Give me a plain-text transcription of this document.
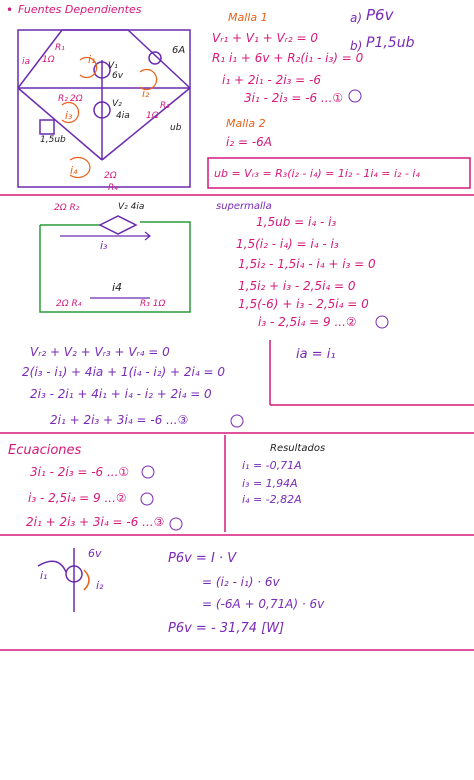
• Fuentes Dependientes
R₁
1Ω
ia	V₁
6v
6A
R₂ 2Ω	V₂
4ia
R₃
1Ω
ub
1,5ub
2Ω
R₄
i₁
i₂
i₃
i₄
a) P6v
b) P1,5ub
Malla 1
Vᵣ₁ + V₁ + Vᵣ₂ = 0
R₁ i₁ + 6v + R₂(i₁ - i₃) = 0
i₁ + 2i₁ - 2i₃ = -6
3i₁ - 2i₃ = -6 ...①
Malla 2
i₂ = -6A
ub = Vᵣ₃ = R₃(i₂ - i₄) = 1i₂ - 1i₄ = i₂ - i₄
2Ω R₂	V₂ 4ia
i₃
i4
2Ω R₄	R₃ 1Ω
supermalla
1,5ub = i₄ - i₃
1,5(i₂ - i₄) = i₄ - i₃
1,5i₂ - 1,5i₄ - i₄ + i₃ = 0
1,5i₂ + i₃ - 2,5i₄ = 0
1,5(-6) + i₃ - 2,5i₄ = 0
i₃ - 2,5i₄ = 9 ...②
Vᵣ₂ + V₂ + Vᵣ₃ + Vᵣ₄ = 0
2(i₃ - i₁) + 4ia + 1(i₄ - i₂) + 2i₄ = 0
2i₃ - 2i₁ + 4i₁ + i₄ - i₂ + 2i₄ = 0
2i₁ + 2i₃ + 3i₄ = -6 ...③
ia = i₁
Ecuaciones
3i₁ - 2i₃ = -6 ...①
i₃ - 2,5i₄ = 9 ...②
2i₁ + 2i₃ + 3i₄ = -6 ...③
Resultados
i₁ = -0,71A
i₃ = 1,94A
i₄ = -2,82A
6v
i₁
i₂
P6v = I · V
= (i₂ - i₁) · 6v
= (-6A + 0,71A) · 6v
P6v = - 31,74 [W]
